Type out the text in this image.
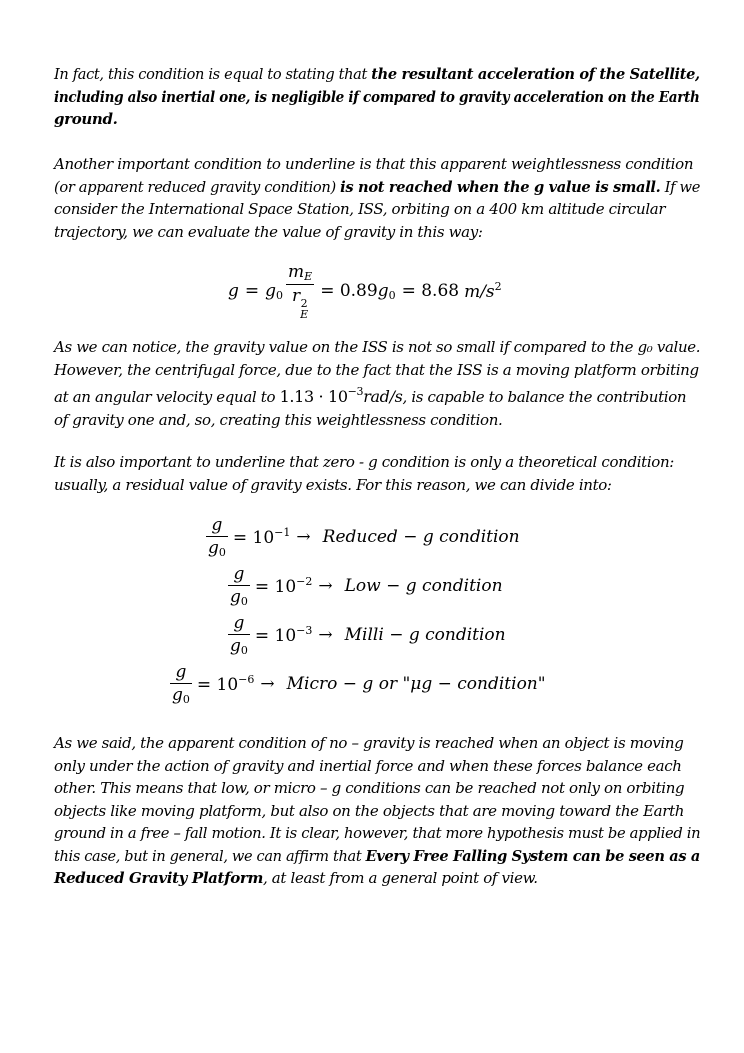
In fact, this condition is equal to stating that the resultant acceleration of the Satellite,
including also inertial one, is negligible if compared to gravity acceleration on the Earth
ground.
Another important condition to underline is that this apparent weightlessness condition
(or apparent reduced gravity condition) is not reached when the g value is small. If we
consider the International Space Station, ISS, orbiting on a 400 km altitude circular
trajectory, we can evaluate the value of gravity in this way:
$g = g_0$ $m_E$
r 2
E = 0.89 $g_0 = 8.68$ $m/s^2$
As we can notice, the gravity value on the ISS is not so small if compared to the g₀ value.
However, the centrifugal force, due to the fact that the ISS is a moving platform orbiting
at an angular velocity equal to $1.13 \cdot 10^{-3}rad/s$, is capable to balance the contribution
of gravity one and, so, creating this weightlessness condition.
It is also important to underline that zero - g condition is only a theoretical condition:
usually, a residual value of gravity exists. For this reason, we can divide into:
$\frac{g}{g_0} = 10^{-1}$ → Reduced − g condition
$\frac{g}{g_0} = 10^{-2}$ → Low − g condition
$\frac{g}{g_0} = 10^{-3}$ → Milli − g condition
$\frac{g}{g_0} = 10^{-6}$ → Micro − g or "μg − condition"
As we said, the apparent condition of no – gravity is reached when an object is moving
only under the action of gravity and inertial force and when these forces balance each
other. This means that low, or micro – g conditions can be reached not only on orbiting
objects like moving platform, but also on the objects that are moving toward the Earth
ground in a free – fall motion. It is clear, however, that more hypothesis must be applied in
this case, but in general, we can affirm that Every Free Falling System can be seen as a
Reduced Gravity Platform, at least from a general point of view.
